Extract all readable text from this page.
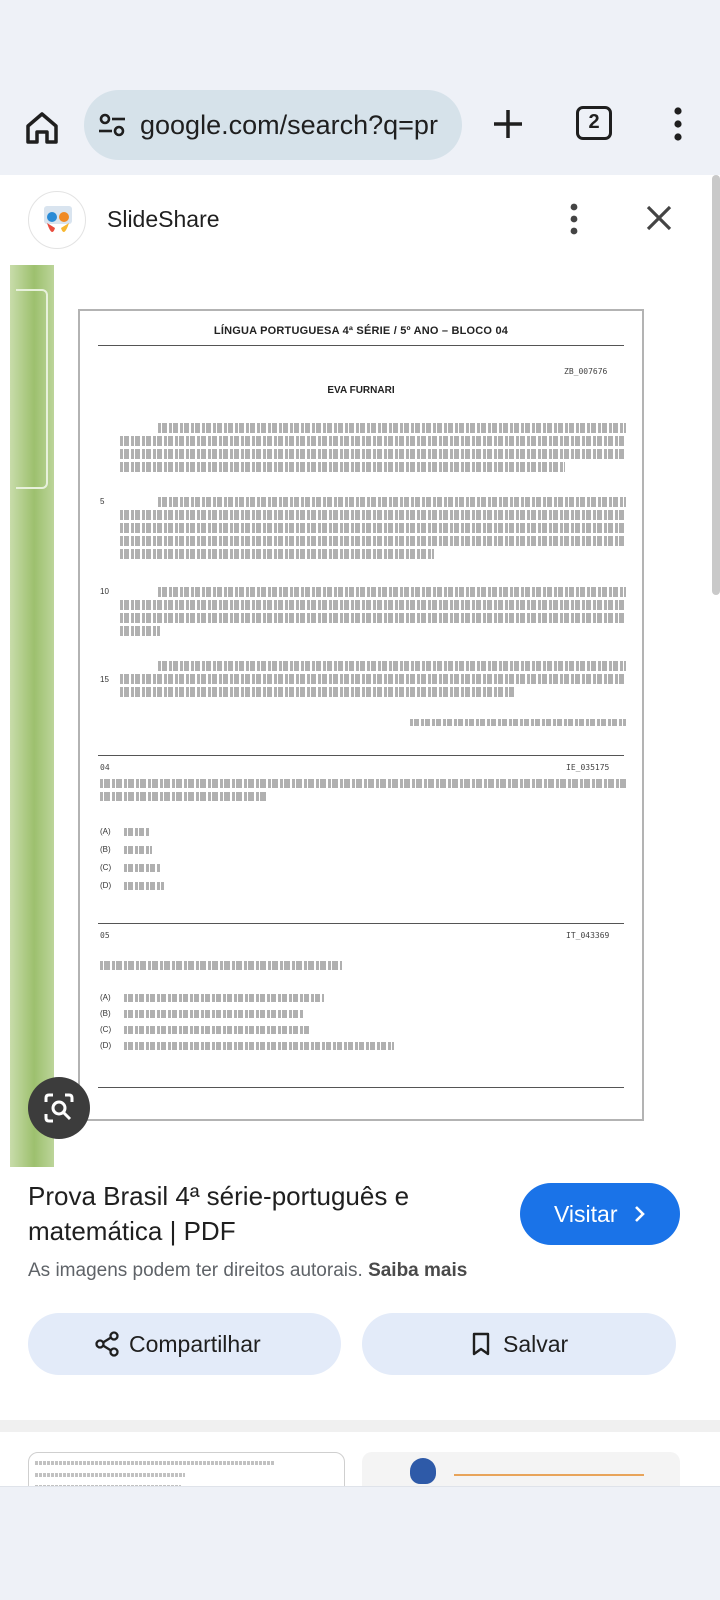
google.com/search?q=pr	2
SlideShare
LÍNGUA PORTUGUESA 4ª SÉRIE / 5º ANO – BLOCO 04
ZB_007676
EVA FURNARI
5
10
15
04	IE_035175
(A)
(B)
(C)
(D)
05	IT_043369
(A)
(B)
(C)
(D)
Prova Brasil 4ª série-português e matemática | PDF
Visitar
As imagens podem ter direitos autorais. Saiba mais
Compartilhar	Salvar
